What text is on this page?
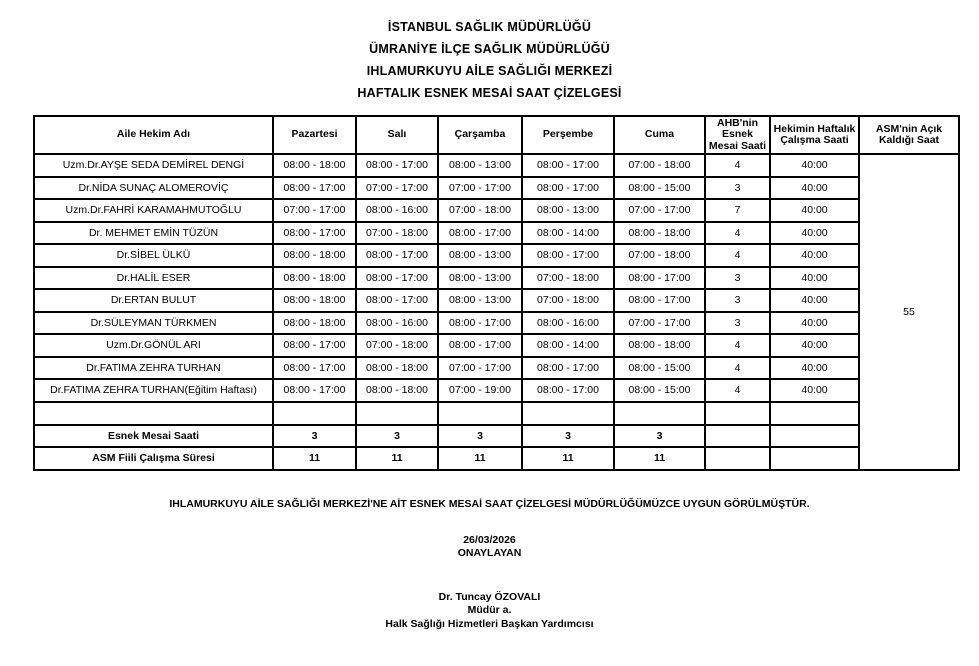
İSTANBUL SAĞLIK MÜDÜRLÜĞÜ
ÜMRANİYE İLÇE SAĞLIK MÜDÜRLÜĞÜ
IHLAMURKUYU AİLE SAĞLIĞI MERKEZİ
HAFTALIK ESNEK MESAİ SAAT ÇİZELGESİ
Aile Hekim Adı	Pazartesi	Salı	Çarşamba	Perşembe	Cuma	AHB'nin Esnek Mesai Saati	Hekimin Haftalık Çalışma Saati	ASM'nin Açık Kaldığı Saat
Uzm.Dr.AYŞE SEDA DEMİREL DENGİ	08:00 - 18:00	08:00 - 17:00	08:00 - 13:00	08:00 - 17:00	07:00 - 18:00	4	40:00	55
Dr.NİDA SUNAÇ ALOMEROVİÇ	08:00 - 17:00	07:00 - 17:00	07:00 - 17:00	08:00 - 17:00	08:00 - 15:00	3	40:00	
Uzm.Dr.FAHRİ KARAMAHMUTOĞLU	07:00 - 17:00	08:00 - 16:00	07:00 - 18:00	08:00 - 13:00	07:00 - 17:00	7	40:00	
Dr. MEHMET EMİN TÜZÜN	08:00 - 17:00	07:00 - 18:00	08:00 - 17:00	08:00 - 14:00	08:00 - 18:00	4	40:00	
Dr.SİBEL ÜLKÜ	08:00 - 18:00	08:00 - 17:00	08:00 - 13:00	08:00 - 17:00	07:00 - 18:00	4	40:00	
Dr.HALİL ESER	08:00 - 18:00	08:00 - 17:00	08:00 - 13:00	07:00 - 18:00	08:00 - 17:00	3	40:00	
Dr.ERTAN BULUT	08:00 - 18:00	08:00 - 17:00	08:00 - 13:00	07:00 - 18:00	08:00 - 17:00	3	40:00	
Dr.SÜLEYMAN TÜRKMEN	08:00 - 18:00	08:00 - 16:00	08:00 - 17:00	08:00 - 16:00	07:00 - 17:00	3	40:00	
Uzm.Dr.GÖNÜL ARI	08:00 - 17:00	07:00 - 18:00	08:00 - 17:00	08:00 - 14:00	08:00 - 18:00	4	40:00	
Dr.FATIMA ZEHRA TURHAN	08:00 - 17:00	08:00 - 18:00	07:00 - 17:00	08:00 - 17:00	08:00 - 15:00	4	40:00	
Dr.FATIMA ZEHRA TURHAN(Eğitim Haftası)	08:00 - 17:00	08:00 - 18:00	07:00 - 19:00	08:00 - 17:00	08:00 - 15:00	4	40:00	

Esnek Mesai Saati	3	3	3	3	3			
ASM Fiili Çalışma Süresi	11	11	11	11	11			
IHLAMURKUYU AİLE SAĞLIĞI MERKEZİ'NE AİT ESNEK MESAİ SAAT ÇİZELGESİ MÜDÜRLÜĞÜMÜZCE UYGUN GÖRÜLMÜŞTÜR.
26/03/2026
ONAYLAYAN
Dr. Tuncay ÖZOVALI
Müdür a.
Halk Sağlığı Hizmetleri Başkan Yardımcısı
